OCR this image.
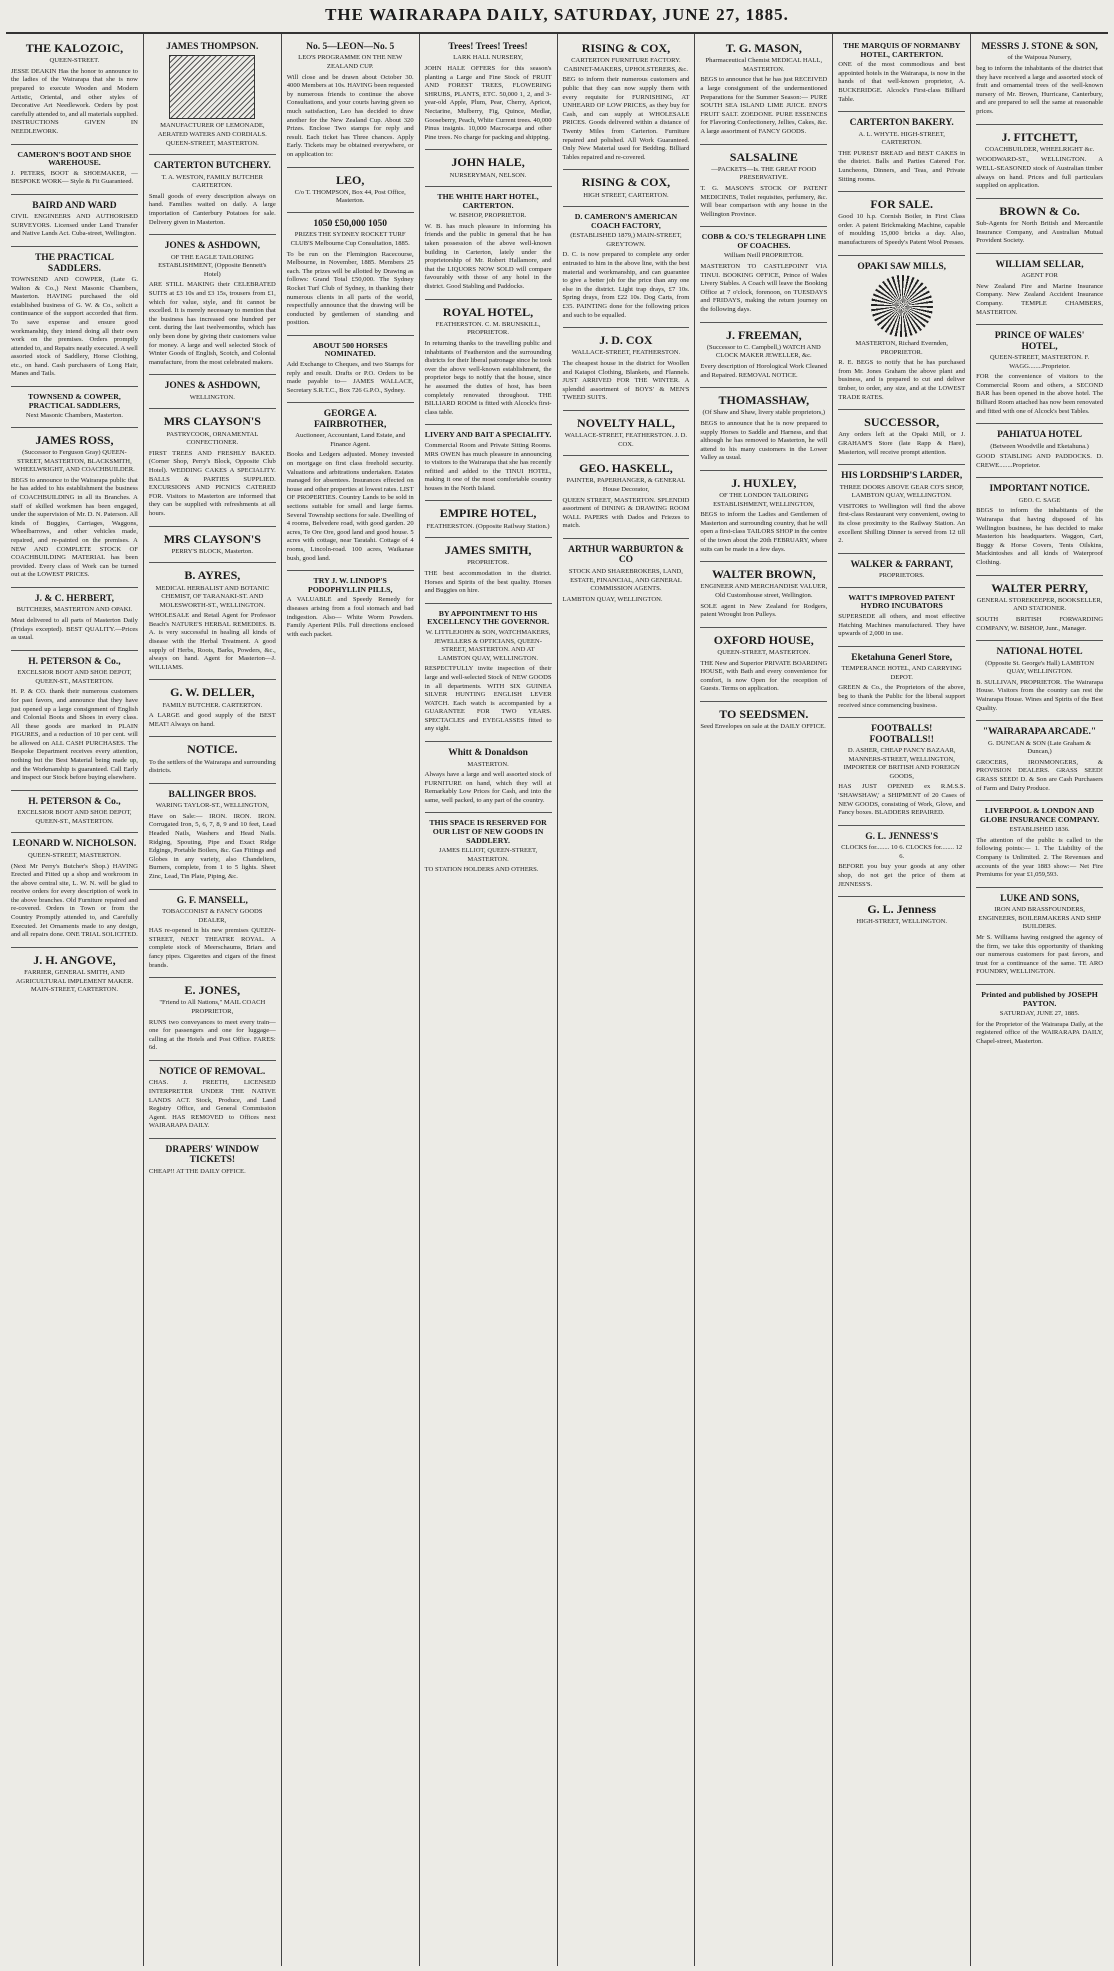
THE WAIRARAPA DAILY, SATURDAY, JUNE 27, 1885.
THE KALOZOIC,
QUEEN-STREET.

JESSE DEAKIN Has the honor to announce to the ladies of the Wairarapa that she is now prepared to execute Wooden and Modern Artistic, Oriental, and other styles of Decorative Art Needlework. Orders by post carefully attended to, and all materials supplied. INSTRUCTIONS GIVEN IN NEEDLEWORK.

CAMERON'S BOOT AND SHOE WAREHOUSE.

J. PETERS, BOOT & SHOEMAKER, —BESPOKE WORK— Style & Fit Guaranteed.

BAIRD AND WARD

CIVIL ENGINEERS AND AUTHORISED SURVEYORS. Licensed under Land Transfer and Native Lands Act. Cuba-street, Wellington.

THE PRACTICAL SADDLERS.

TOWNSEND AND COWPER, (Late G. Walton & Co.,) Next Masonic Chambers, Masterton. HAVING purchased the old established business of G. W. & Co., solicit a continuance of the support accorded that firm. To save expense and ensure good workmanship, they intend doing all their own work on the premises. Orders promptly attended to, and Repairs neatly executed. A well assorted stock of Saddlery, Horse Clothing, etc., on hand. Cash purchasers of Long Hair, Manes and Tails.

TOWNSEND & COWPER, PRACTICAL SADDLERS,
Next Masonic Chambers, Masterton.
JAMES ROSS,
(Successor to Ferguson Gray) QUEEN-STREET, MASTERTON, BLACKSMITH, WHEELWRIGHT, AND COACHBUILDER.

BEGS to announce to the Wairarapa public that he has added to his establishment the business of COACHBUILDING in all its Branches. A staff of skilled workmen has been engaged, under the supervision of Mr. D. N. Paterson. All kinds of Buggies, Carriages, Waggons, Wheelbarrows, and other vehicles made, repaired, and re-painted on the premises. A NEW AND COMPLETE STOCK OF COACHBUILDING MATERIAL has been provided. Every class of Work can be turned out at the LOWEST PRICES.

J. & C. HERBERT,
BUTCHERS, MASTERTON AND OPAKI.

Meat delivered to all parts of Masterton Daily (Fridays excepted). BEST QUALITY.—Prices as usual.

H. PETERSON & Co.,
EXCELSIOR BOOT AND SHOE DEPOT, QUEEN-ST., MASTERTON.

H. P. & CO. thank their numerous customers for past favors, and announce that they have just opened up a large consignment of English and Colonial Boots and Shoes in every class. All these goods are marked in PLAIN FIGURES, and a reduction of 10 per cent. will be allowed on ALL CASH PURCHASES. The Bespoke Department receives every attention, nothing but the Best Material being made up, and the Workmanship is guaranteed. Call Early and inspect our Stock before buying elsewhere.

H. PETERSON & Co.,
EXCELSIOR BOOT AND SHOE DEPOT, QUEEN-ST., MASTERTON.
LEONARD W. NICHOLSON.
QUEEN-STREET, MASTERTON.

(Next Mr Perry's Butcher's Shop.) HAVING Erected and Fitted up a shop and workroom in the above central site, L. W. N. will be glad to receive orders for every description of work in the above branches. Old Furniture repaired and re-covered. Orders in Town or from the Country Promptly attended to, and Carefully Executed. Jet Ornaments made to any design, and all repairs done. ONE TRIAL SOLICITED.

J. H. ANGOVE,
FARRIER, GENERAL SMITH, AND AGRICULTURAL IMPLEMENT MAKER. MAIN-STREET, CARTERTON.
JAMES THOMPSON.
MANUFACTURER OF LEMONADE, AERATED WATERS AND CORDIALS. QUEEN-STREET, MASTERTON.
CARTERTON BUTCHERY.
T. A. WESTON, FAMILY BUTCHER CARTERTON.

Small goods of every description always on hand. Families waited on daily. A large importation of Canterbury Potatoes for sale. Delivery given in Masterton.

JONES & ASHDOWN,
OF THE EAGLE TAILORING ESTABLISHMENT, (Opposite Bennett's Hotel)

ARE STILL MAKING their CELEBRATED SUITS at £3 10s and £3 15s, trousers from £1, which for value, style, and fit cannot be excelled. It is merely necessary to mention that the business has increased one hundred per cent. during the last twelvemonths, which has only been done by giving their customers value for money. A large and well selected Stock of Winter Goods of English, Scotch, and Colonial manufacture, from the most celebrated makers.

JONES & ASHDOWN,
WELLINGTON.
MRS CLAYSON'S
PASTRYCOOK, ORNAMENTAL CONFECTIONER.

FIRST TREES AND FRESHLY BAKED. (Corner Shop, Perry's Block, Opposite Club Hotel). WEDDING CAKES A SPECIALITY. BALLS & PARTIES SUPPLIED. EXCURSIONS AND PICNICS CATERED FOR. Visitors to Masterton are informed that they can be supplied with refreshments at all hours.

MRS CLAYSON'S
PERRY'S BLOCK, Masterton.
B. AYRES,
MEDICAL HERBALIST AND BOTANIC CHEMIST, OF TARANAKI-ST. AND MOLESWORTH-ST., WELLINGTON.

WHOLESALE and Retail Agent for Professor Beach's NATURE'S HERBAL REMEDIES. B. A. is very successful in healing all kinds of disease with the Herbal Treatment. A good supply of Herbs, Roots, Barks, Powders, &c., always on hand. Agent for Masterton—J. WILLIAMS.

G. W. DELLER,
FAMILY BUTCHER. CARTERTON.

A LARGE and good supply of the BEST MEAT! Always on hand.

NOTICE.

To the settlers of the Wairarapa and surrounding districts.

BALLINGER BROS.
WARING TAYLOR-ST., WELLINGTON,

Have on Sale:— IRON. IRON. IRON. Corrugated Iron, 5, 6, 7, 8, 9 and 10 feet, Lead Headed Nails, Washers and Head Nails. Ridging, Spouting, Pipe and Exact Ridge Edgings, Portable Boilers, &c. Gas Fittings and Globes in any variety, also Chandeliers, Burners, complete, from 1 to 5 lights. Sheet Zinc, Lead, Tin Plate, Piping, &c.

G. F. MANSELL,
TOBACCONIST & FANCY GOODS DEALER,

HAS re-opened in his new premises QUEEN-STREET, NEXT THEATRE ROYAL. A complete stock of Meerschaums, Briars and fancy pipes. Cigarettes and cigars of the finest brands.

E. JONES,
"Friend to All Nations," MAIL COACH PROPRIETOR,

RUNS two conveyances to meet every train—one for passengers and one for luggage—calling at the Hotels and Post Office. FARES: 6d.

NOTICE OF REMOVAL.

CHAS. J. FREETH, LICENSED INTERPRETER UNDER THE NATIVE LANDS ACT. Stock, Produce, and Land Registry Office, and General Commission Agent. HAS REMOVED to Offices next WAIRARAPA DAILY.

DRAPERS' WINDOW TICKETS!

CHEAP!! AT THE DAILY OFFICE.

No. 5—LEON—No. 5
LEO'S PROGRAMME ON THE NEW ZEALAND CUP.

Will close and be drawn about October 30. 4000 Members at 10s. HAVING been requested by numerous friends to continue the above Consultations, and your courts having given so much satisfaction, Leo has decided to draw another for the New Zealand Cup. About 320 Prizes. Enclose Two stamps for reply and result. Each ticket has Three chances. Apply Early. Tickets may be obtained everywhere, or on application to:

LEO,
C/o T. THOMPSON, Box 44, Post Office, Masterton.
1050 £50,000 1050
PRIZES THE SYDNEY ROCKET TURF CLUB'S Melbourne Cup Consultation, 1885.

To be run on the Flemington Racecourse, Melbourne, in November, 1885. Members 25 each. The prizes will be allotted by Drawing as follows: Grand Total £50,000. The Sydney Rocket Turf Club of Sydney, in thanking their numerous clients in all parts of the world, respectfully announce that the drawing will be conducted by gentlemen of standing and position.

ABOUT 500 HORSES NOMINATED.

Add Exchange to Cheques, and two Stamps for reply and result. Drafts or P.O. Orders to be made payable to— JAMES WALLACE, Secretary S.R.T.C., Box 726 G.P.O., Sydney.

GEORGE A. FAIRBROTHER,
Auctioneer, Accountant, Land Estate, and Finance Agent.

Books and Ledgers adjusted. Money invested on mortgage on first class freehold security. Valuations and arbitrations undertaken. Estates managed for absentees. Insurances effected on house and other properties at lowest rates. LIST OF PROPERTIES. Country Lands to be sold in sections suitable for small and large farms. Several Township sections for sale. Dwelling of 4 rooms, Belvedere road, with good garden. 20 acres, Te Ore Ore, good land and good house. 5 acres with cottage, near Taratahi. Cottage of 4 rooms, Lincoln-road. 100 acres, Waikanae bush, good land.

TRY J. W. LINDOP'S PODOPHYLLIN PILLS,

A VALUABLE and Speedy Remedy for diseases arising from a foul stomach and bad indigestion. Also— White Worm Powders. Family Aperient Pills. Full directions enclosed with each packet.

Trees! Trees! Trees!
LARK HALL NURSERY,

JOHN HALE OFFERS for this season's planting a Large and Fine Stock of FRUIT AND FOREST TREES, FLOWERING SHRUBS, PLANTS, ETC. 50,000 1, 2, and 3-year-old Apple, Plum, Pear, Cherry, Apricot, Nectarine, Mulberry, Fig, Quince, Medlar, Gooseberry, Peach, White Current trees. 40,000 Pinus insignis. 10,000 Macrocarpa and other Pine trees. No charge for packing and shipping.

JOHN HALE,
NURSERYMAN, NELSON.
THE WHITE HART HOTEL, CARTERTON.
W. BISHOP, PROPRIETOR.

W. B. has much pleasure in informing his friends and the public in general that he has taken possession of the above well-known building in Carterton, lately under the proprietorship of Mr. Robert Hallamore, and that the LIQUORS NOW SOLD will compare favourably with those of any hotel in the district. Good Stabling and Paddocks.

ROYAL HOTEL,
FEATHERSTON. C. M. BRUNSKILL, PROPRIETOR.

In returning thanks to the travelling public and inhabitants of Featherston and the surrounding districts for their liberal patronage since he took over the above well-known establishment, the proprietor begs to notify that the house, since he assumed the duties of host, has been completely renovated throughout. THE BILLIARD ROOM is fitted with Alcock's first-class table.

LIVERY AND BAIT A SPECIALITY.

Commercial Room and Private Sitting Rooms. MRS OWEN has much pleasure in announcing to visitors to the Wairarapa that she has recently refitted and added to the TINUI HOTEL, making it one of the most comfortable country houses in the North Island.

EMPIRE HOTEL,
FEATHERSTON. (Opposite Railway Station.)
JAMES SMITH,
PROPRIETOR.

THE best accommodation in the district. Horses and Spirits of the best quality. Horses and Buggies on hire.

BY APPOINTMENT TO HIS EXCELLENCY THE GOVERNOR.
W. LITTLEJOHN & SON, WATCHMAKERS, JEWELLERS & OPTICIANS, QUEEN-STREET, MASTERTON. AND AT LAMBTON QUAY, WELLINGTON.

RESPECTFULLY invite inspection of their large and well-selected Stock of NEW GOODS in all departments. WITH SIX GUINEA SILVER HUNTING ENGLISH LEVER WATCH. Each watch is accompanied by a GUARANTEE FOR TWO YEARS. SPECTACLES and EYEGLASSES fitted to any sight.

Whitt & Donaldson
MASTERTON.

Always have a large and well assorted stock of FURNITURE on hand, which they will at Remarkably Low Prices for Cash, and into the same, well packed, to any part of the country.

THIS SPACE IS RESERVED FOR OUR LIST OF NEW GOODS IN SADDLERY.
JAMES ELLIOT, QUEEN-STREET, MASTERTON.

TO STATION HOLDERS AND OTHERS.

RISING & COX,
CARTERTON FURNITURE FACTORY. CABINET-MAKERS, UPHOLSTERERS, &c.

BEG to inform their numerous customers and public that they can now supply them with every requisite for FURNISHING, AT UNHEARD OF LOW PRICES, as they buy for Cash, and can supply at WHOLESALE PRICES. Goods delivered within a distance of Twenty Miles from Carterton. Furniture repaired and polished. All Work Guaranteed. Only New Material used for Bedding. Billiard Tables repaired and re-covered.

RISING & COX,
HIGH STREET, CARTERTON.
D. CAMERON'S AMERICAN COACH FACTORY,
(ESTABLISHED 1879,) MAIN-STREET, GREYTOWN.

D. C. is now prepared to complete any order entrusted to him in the above line, with the best material and workmanship, and can guarantee to give a better job for the price than any one else in the district. Light trap drays, £7 10s. Spring drays, from £22 10s. Dog Carts, from £35. PAINTING done for the following prices and such to be equalled.

J. D. COX
WALLACE-STREET, FEATHERSTON.

The cheapest house in the district for Woollen and Kaiapoi Clothing, Blankets, and Flannels. JUST ARRIVED FOR THE WINTER. A splendid assortment of BOYS' & MEN'S TWEED SUITS.

NOVELTY HALL,
WALLACE-STREET, FEATHERSTON. J. D. COX.
GEO. HASKELL,
PAINTER, PAPERHANGER, & GENERAL House Decorator,

QUEEN STREET, MASTERTON. SPLENDID assortment of DINING & DRAWING ROOM WALL PAPERS with Dados and Friezes to match.

ARTHUR WARBURTON & CO
STOCK AND SHAREBROKERS, LAND, ESTATE, FINANCIAL, AND GENERAL COMMISSION AGENTS.

LAMBTON QUAY, WELLINGTON.

T. G. MASON,
Pharmaceutical Chemist MEDICAL HALL, MASTERTON.

BEGS to announce that he has just RECEIVED a large consignment of the undermentioned Preparations for the Summer Season:— PURE SOUTH SEA ISLAND LIME JUICE. ENO'S FRUIT SALT. ZOEDONE. PURE ESSENCES for Flavoring Confectionery, Jellies, Cakes, &c. A large assortment of FANCY GOODS.

SALSALINE
—PACKETS—Is. THE GREAT FOOD PRESERVATIVE.

T. G. MASON'S STOCK OF PATENT MEDICINES, Toilet requisites, perfumery, &c. Will bear comparison with any house in the Wellington Province.

COBB & CO.'S TELEGRAPH LINE OF COACHES.
William Neill PROPRIETOR.

MASTERTON TO CASTLEPOINT VIA TINUI. BOOKING OFFICE, Prince of Wales Livery Stables. A Coach will leave the Booking Office at 7 o'clock, forenoon, on TUESDAYS and FRIDAYS, making the return journey on the following days.

J. FREEMAN,
(Successor to C. Campbell,) WATCH AND CLOCK MAKER JEWELLER, &c.

Every description of Horological Work Cleaned and Repaired. REMOVAL NOTICE.

THOMASSHAW,
(Of Shaw and Shaw, livery stable proprietors,)

BEGS to announce that he is now prepared to supply Horses to Saddle and Harness, and that although he has removed to Masterton, he will attend to his many customers in the Lower Valley as usual.

J. HUXLEY,
OF THE LONDON TAILORING ESTABLISHMENT, WELLINGTON,

BEGS to inform the Ladies and Gentlemen of Masterton and surrounding country, that he will open a first-class TAILORS SHOP in the centre of the town about the 20th FEBRUARY, where suits can be made in a few days.

WALTER BROWN,
ENGINEER AND MERCHANDISE VALUER, Old Customhouse street, Wellington.

SOLE agent in New Zealand for Rodgers, patent Wrought Iron Pulleys.

OXFORD HOUSE,
QUEEN-STREET, MASTERTON.

THE New and Superior PRIVATE BOARDING HOUSE, with Bath and every convenience for comfort, is now Open for the reception of Guests. Terms on application.

TO SEEDSMEN.

Seed Envelopes on sale at the DAILY OFFICE.

THE MARQUIS OF NORMANBY HOTEL, CARTERTON.

ONE of the most commodious and best appointed hotels in the Wairarapa, is now in the hands of that well-known proprietor, A. BUCKERIDGE. Alcock's First-class Billiard Table.

CARTERTON BAKERY.
A. L. WHYTE. HIGH-STREET, CARTERTON.

THE PUREST BREAD and BEST CAKES in the district. Balls and Parties Catered For. Luncheons, Dinners, and Teas, and Private Sitting rooms.

FOR SALE.

Good 10 h.p. Cornish Boiler, in First Class order. A patent Brickmaking Machine, capable of moulding 15,000 bricks a day. Also, manufacturers of Speedy's Patent Wool Presses.

OPAKI SAW MILLS,
MASTERTON, Richard Evernden, PROPRIETOR.

R. E. BEGS to notify that he has purchased from Mr. Jones Graham the above plant and business, and is prepared to cut and deliver timber, to order, any size, and at the LOWEST TRADE RATES.

SUCCESSOR,

Any orders left at the Opaki Mill, or J. GRAHAM'S Store (late Rapp & Hare), Masterton, will receive prompt attention.

HIS LORDSHIP'S LARDER,
THREE DOORS ABOVE GEAR CO'S SHOP, LAMBTON QUAY, WELLINGTON.

VISITORS to Wellington will find the above first-class Restaurant very convenient, owing to its close proximity to the Railway Station. An excellent Shilling Dinner is served from 12 till 2.

WALKER & FARRANT,
PROPRIETORS.
WATT'S IMPROVED PATENT HYDRO INCUBATORS

SUPERSEDE all others, and most effective Hatching Machines manufactured. They have upwards of 2,000 in use.

Eketahuna Generl Store,
TEMPERANCE HOTEL, AND CARRYING DEPOT.

GREEN & Co., the Proprietors of the above, beg to thank the Public for the liberal support received since commencing business.

FOOTBALLS! FOOTBALLS!!
D. ASHER, CHEAP FANCY BAZAAR, MANNERS-STREET, WELLINGTON, IMPORTER OF BRITISH AND FOREIGN GOODS,

HAS JUST OPENED ex R.M.S.S. 'SHAWSHAW,' a SHIPMENT of 20 Cases of NEW GOODS, consisting of Work, Glove, and Fancy boxes. BLADDERS REPAIRED.

G. L. JENNESS'S
CLOCKS for........ 10 6. CLOCKS for........ 12 6.

BEFORE you buy your goods at any other shop, do not get the price of them at JENNESS'S.

G. L. Jenness
HIGH-STREET, WELLINGTON.
MESSRS J. STONE & SON,
of the Waipoua Nursery,

beg to inform the inhabitants of the district that they have received a large and assorted stock of fruit and ornamental trees of the well-known nursery of Mr. Brown, Hurricane, Canterbury, and are prepared to sell the same at reasonable prices.

J. FITCHETT,
COACHBUILDER, WHEELRIGHT &c.

WOODWARD-ST., WELLINGTON. A WELL-SEASONED stock of Australian timber always on hand. Prices and full particulars supplied on application.

BROWN & Co.

Sub-Agents for North British and Mercantile Insurance Company, and Australian Mutual Provident Society.

WILLIAM SELLAR,
AGENT FOR

New Zealand Fire and Marine Insurance Company. New Zealand Accident Insurance Company. TEMPLE CHAMBERS, MASTERTON.

PRINCE OF WALES' HOTEL,
QUEEN-STREET, MASTERTON. F. WAGG........Proprietor.

FOR the convenience of visitors to the Commercial Room and others, a SECOND BAR has been opened in the above hotel. The Billiard Room attached has now been renovated and fitted with one of Alcock's best Tables.

PAHIATUA HOTEL
(Between Woodville and Eketahuna.)

GOOD STABLING AND PADDOCKS. D. CREWE........Proprietor.

IMPORTANT NOTICE.
GEO. C. SAGE

BEGS to inform the inhabitants of the Wairarapa that having disposed of his Wellington business, he has decided to make Masterton his headquarters. Waggon, Cart, Buggy & Horse Covers, Tents Oilskins, Mackintoshes and all kinds of Waterproof Clothing.

WALTER PERRY,
GENERAL STOREKEEPER, BOOKSELLER, AND STATIONER.

SOUTH BRITISH FORWARDING COMPANY, W. BISHOP, Junr., Manager.

NATIONAL HOTEL
(Opposite St. George's Hall) LAMBTON QUAY, WELLINGTON.

B. SULLIVAN, PROPRIETOR. The Wairarapa House. Visitors from the country can rest the Wairarapa House. Wines and Spirits of the Best Quality.

"WAIRARAPA ARCADE."
G. DUNCAN & SON (Late Graham & Duncan,)

GROCERS, IRONMONGERS, & PROVISION DEALERS. GRASS SEED! GRASS SEED! D. & Son are Cash Purchasers of Farm and Dairy Produce.

LIVERPOOL & LONDON AND GLOBE INSURANCE COMPANY.
ESTABLISHED 1836.

The attention of the public is called to the following points:— 1. The Liability of the Company is Unlimited. 2. The Revenues and accounts of the year 1883 show:— Net Fire Premiums for year £1,059,593.

LUKE AND SONS,
IRON AND BRASSFOUNDERS, ENGINEERS, BOILERMAKERS AND SHIP BUILDERS.

Mr S. Williams having resigned the agency of the firm, we take this opportunity of thanking our numerous customers for past favors, and trust for a continuance of the same. TE ARO FOUNDRY, WELLINGTON.

Printed and published by JOSEPH PAYTON.
SATURDAY, JUNE 27, 1885.

for the Proprietor of the Wairarapa Daily, at the registered office of the WAIRARAPA DAILY, Chapel-street, Masterton.
